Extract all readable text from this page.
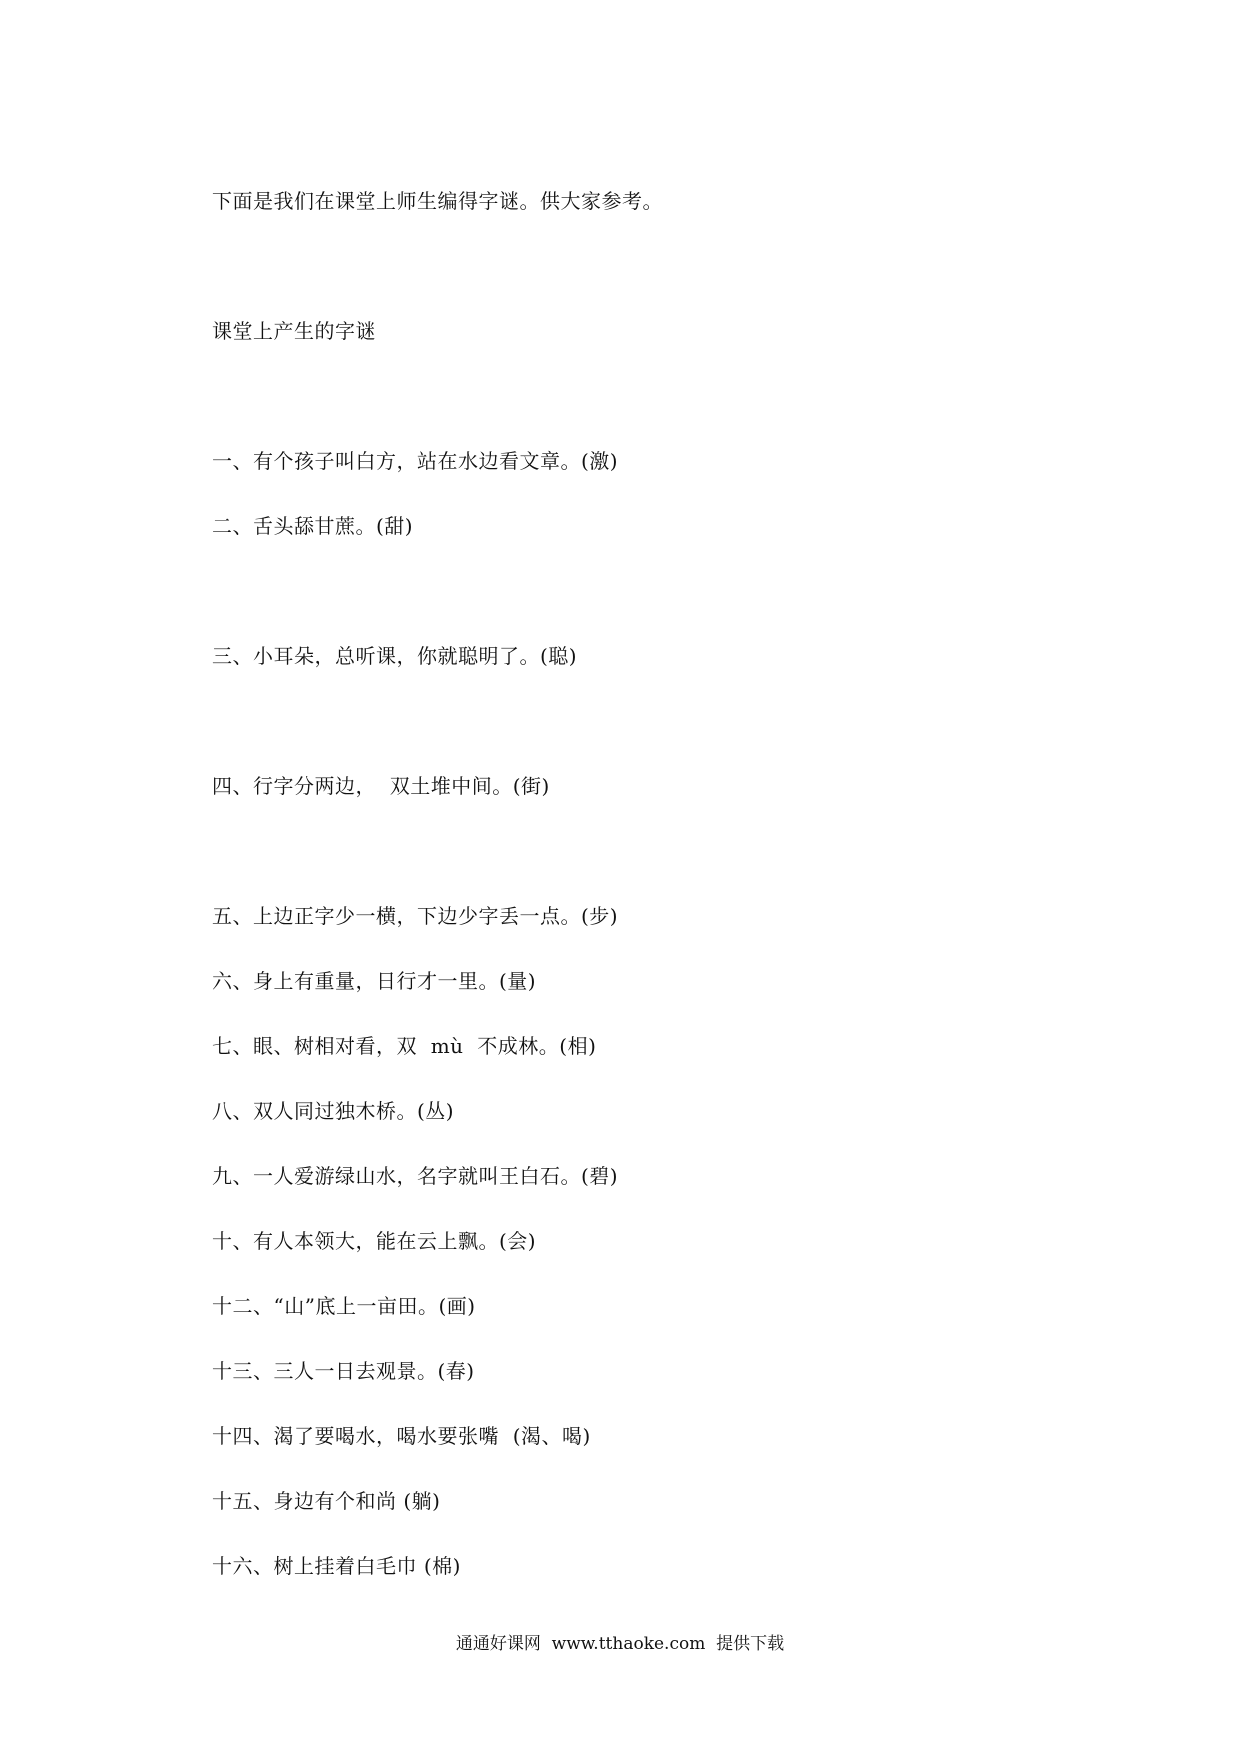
下面是我们在课堂上师生编得字谜。供大家参考。
课堂上产生的字谜
一、有个孩子叫白方，站在水边看文章。(激)
二、舌头舔甘蔗。(甜)
三、小耳朵，总听课，你就聪明了。(聪)
四、行字分两边，  双土堆中间。(街)
五、上边正字少一横，下边少字丢一点。(步)
六、身上有重量，日行才一里。(量)
七、眼、树相对看，双  mù  不成林。(相)
八、双人同过独木桥。(丛)
九、一人爱游绿山水，名字就叫王白石。(碧)
十、有人本领大，能在云上飘。(会)
十二、“山”底上一亩田。(画)
十三、三人一日去观景。(春)
十四、渴了要喝水，喝水要张嘴  (渴、喝)
十五、身边有个和尚 (躺)
十六、树上挂着白毛巾 (棉)
通通好课网  www.tthaoke.com  提供下载
